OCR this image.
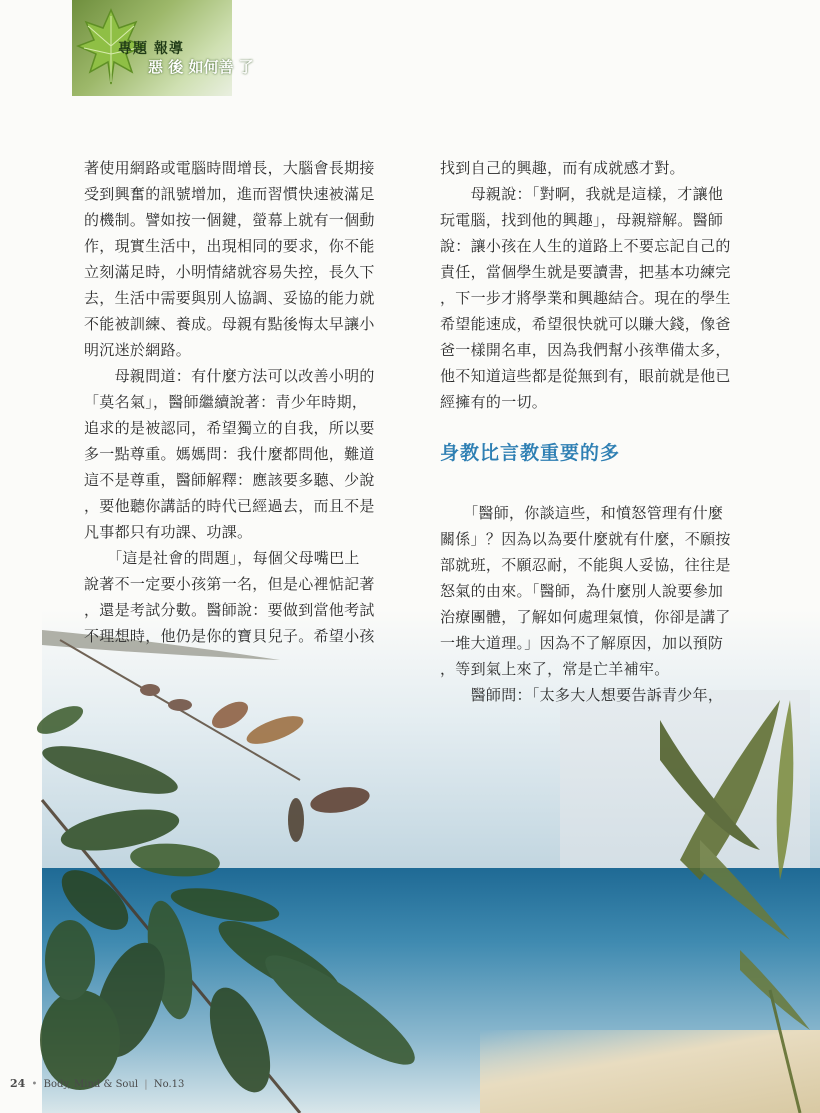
專題 報導
惡 後 如何善 了

著使用網路或電腦時間增長，大腦會長期接
受到興奮的訊號增加，進而習慣快速被滿足
的機制。譬如按一個鍵，螢幕上就有一個動
作，現實生活中，出現相同的要求，你不能
立刻滿足時，小明情緒就容易失控，長久下
去，生活中需要與別人協調、妥協的能力就
不能被訓練、養成。母親有點後悔太早讓小
明沉迷於網路。

　　母親問道：有什麼方法可以改善小明的
「莫名氣」，醫師繼續說著：青少年時期，
追求的是被認同，希望獨立的自我，所以要
多一點尊重。媽媽問：我什麼都問他，難道
這不是尊重，醫師解釋：應該要多聽、少說
，要他聽你講話的時代已經過去，而且不是
凡事都只有功課、功課。

　　「這是社會的問題」，每個父母嘴巴上
說著不一定要小孩第一名，但是心裡惦記著
，還是考試分數。醫師說：要做到當他考試
不理想時，他仍是你的寶貝兒子。希望小孩

找到自己的興趣，而有成就感才對。

　　母親說：「對啊，我就是這樣，才讓他
玩電腦，找到他的興趣」，母親辯解。醫師
說：讓小孩在人生的道路上不要忘記自己的
責任，當個學生就是要讀書，把基本功練完
，下一步才將學業和興趣結合。現在的學生
希望能速成，希望很快就可以賺大錢，像爸
爸一樣開名車，因為我們幫小孩準備太多，
他不知道這些都是從無到有，眼前就是他已
經擁有的一切。

身教比言教重要的多

　　「醫師，你談這些，和憤怒管理有什麼
關係」？因為以為要什麼就有什麼，不願按
部就班，不願忍耐，不能與人妥協，往往是
怒氣的由來。「醫師，為什麼別人說要參加
治療團體，了解如何處理氣憤，你卻是講了
一堆大道理。」因為不了解原因，加以預防
，等到氣上來了，常是亡羊補牢。

　　醫師問：「太多大人想要告訴青少年，

24 • Body, Mind & Soul | No.13
